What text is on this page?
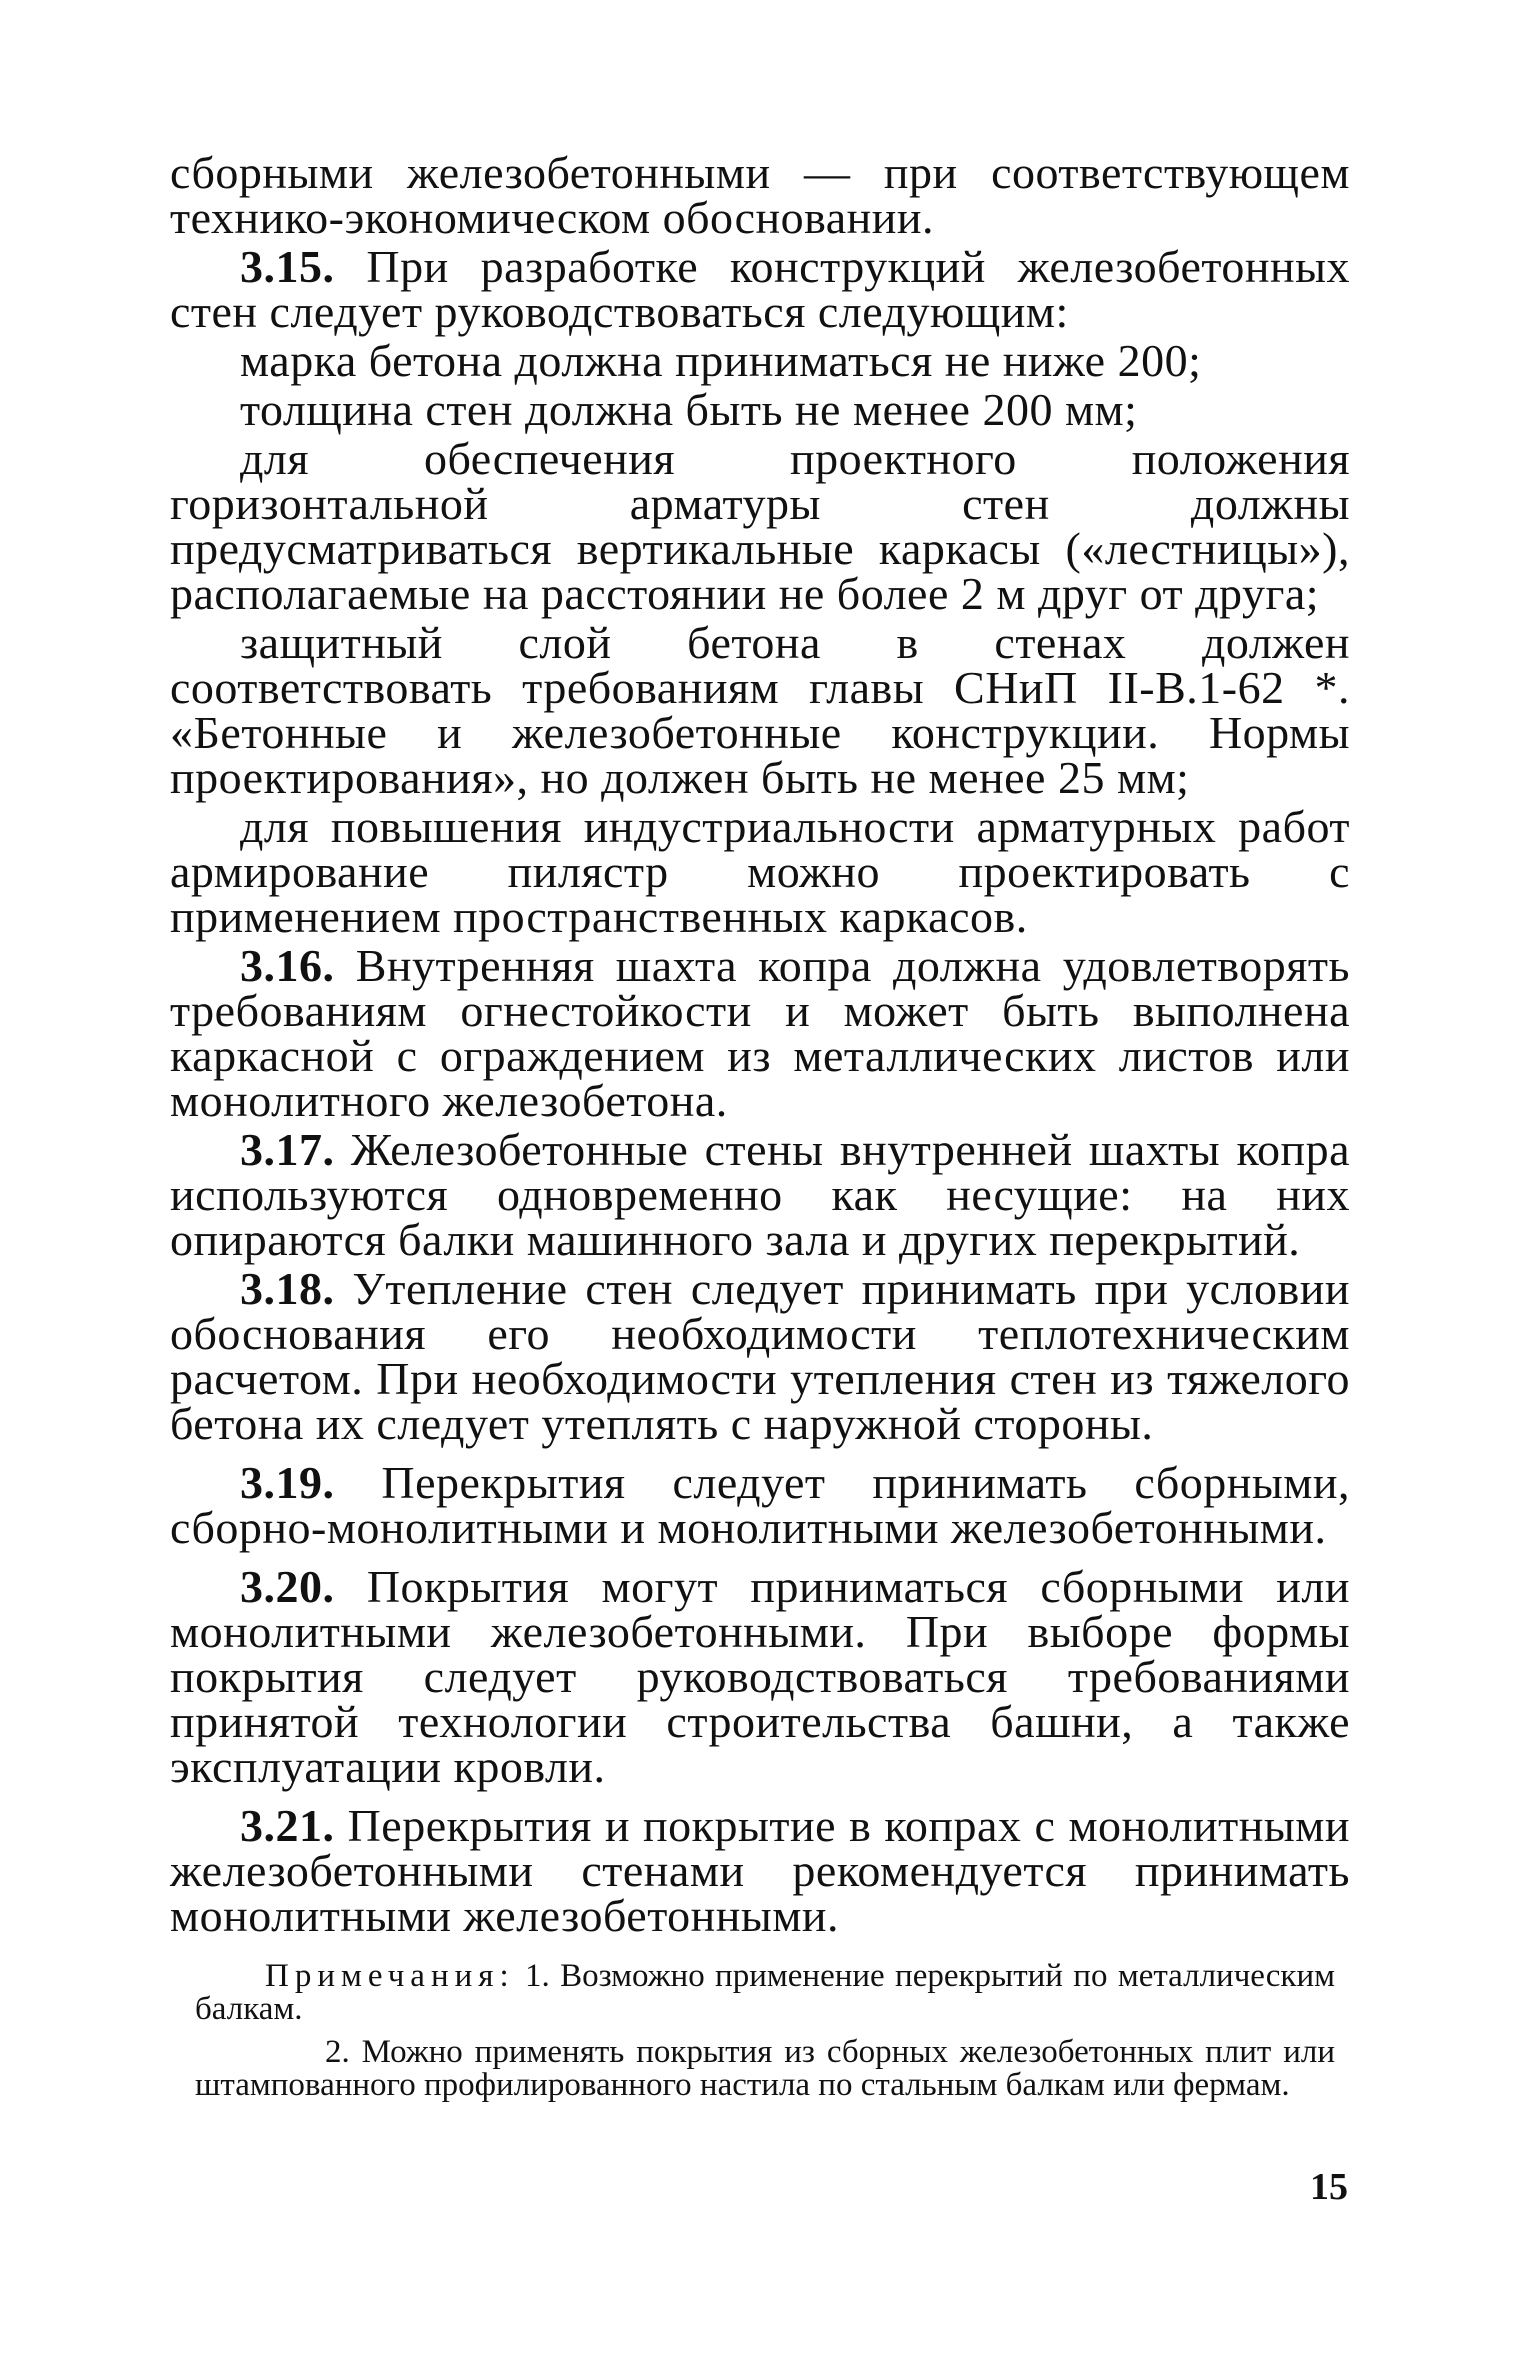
сборными железобетонными — при соответствующем технико-экономическом обосновании.

3.15. При разработке конструкций железобетонных стен следует руководствоваться следующим:

марка бетона должна приниматься не ниже 200;

толщина стен должна быть не менее 200 мм;

для обеспечения проектного положения горизонтальной арматуры стен должны предусматриваться вертикальные каркасы («лестницы»), располагаемые на расстоянии не более 2 м друг от друга;

защитный слой бетона в стенах должен соответствовать требованиям главы СНиП II-В.1-62 *. «Бетонные и железобетонные конструкции. Нормы проектирования», но должен быть не менее 25 мм;

для повышения индустриальности арматурных работ армирование пилястр можно проектировать с применением пространственных каркасов.

3.16. Внутренняя шахта копра должна удовлетворять требованиям огнестойкости и может быть выполнена каркасной с ограждением из металлических листов или монолитного железобетона.

3.17. Железобетонные стены внутренней шахты копра используются одновременно как несущие: на них опираются балки машинного зала и других перекрытий.

3.18. Утепление стен следует принимать при условии обоснования его необходимости теплотехническим расчетом. При необходимости утепления стен из тяжелого бетона их следует утеплять с наружной стороны.

3.19. Перекрытия следует принимать сборными, сборно-монолитными и монолитными железобетонными.

3.20. Покрытия могут приниматься сборными или монолитными железобетонными. При выборе формы покрытия следует руководствоваться требованиями принятой технологии строительства башни, а также эксплуатации кровли.

3.21. Перекрытия и покрытие в копрах с монолитными железобетонными стенами рекомендуется принимать монолитными железобетонными.

Примечания: 1. Возможно применение перекрытий по металлическим балкам.

2. Можно применять покрытия из сборных железобетонных плит или штампованного профилированного настила по стальным балкам или фермам.

15
